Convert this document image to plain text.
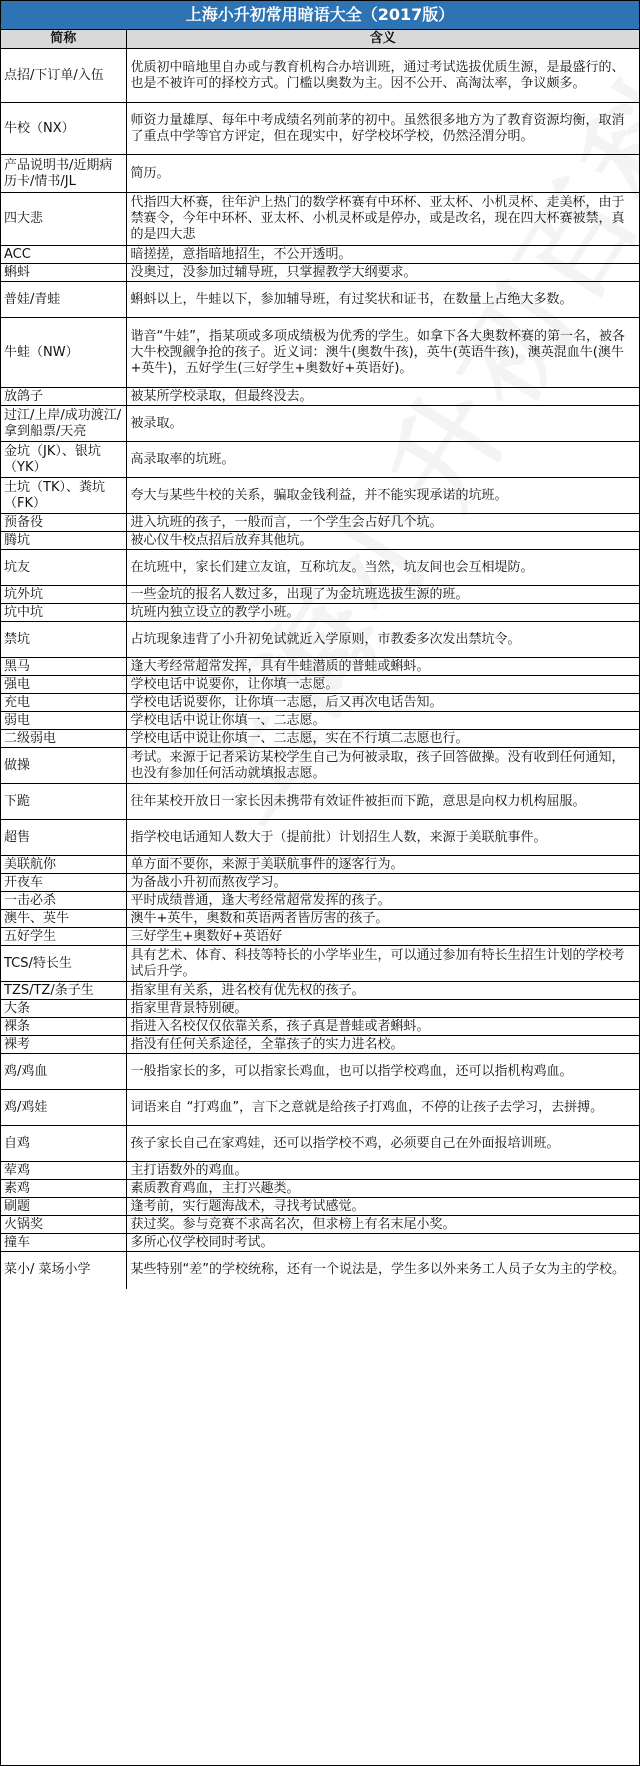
上海小升初常用暗语大全（2017版）
简称	含义
点招/下订单/入伍	优质初中暗地里自办或与教育机构合办培训班，通过考试选拔优质生源，是最盛行的、也是不被许可的择校方式。门槛以奥数为主。因不公开、高淘汰率，争议颇多。
牛校（NX）	师资力量雄厚、每年中考成绩名列前茅的初中。虽然很多地方为了教育资源均衡，取消了重点中学等官方评定，但在现实中，好学校坏学校，仍然泾渭分明。
产品说明书/近期病历卡/情书/JL	简历。
四大悲	代指四大杯赛，往年沪上热门的数学杯赛有中环杯、亚太杯、小机灵杯、走美杯，由于禁赛令，今年中环杯、亚太杯、小机灵杯或是停办，或是改名，现在四大杯赛被禁，真的是四大悲
ACC	暗搓搓，意指暗地招生，不公开透明。
蝌蚪	没奥过，没参加过辅导班，只掌握教学大纲要求。
普娃/青蛙	蝌蚪以上，牛蛙以下，参加辅导班，有过奖状和证书，在数量上占绝大多数。
牛蛙（NW）	谐音“牛娃”，指某项或多项成绩极为优秀的学生。如拿下各大奥数杯赛的第一名，被各大牛校觊觎争抢的孩子。近义词：澳牛(奥数牛孩)，英牛(英语牛孩)，澳英混血牛(澳牛+英牛)，五好学生(三好学生+奥数好+英语好)。
放鸽子	被某所学校录取，但最终没去。
过江/上岸/成功渡江/拿到船票/天亮	被录取。
金坑（JK）、银坑（YK）	高录取率的坑班。
土坑（TK）、粪坑（FK）	夸大与某些牛校的关系，骗取金钱利益，并不能实现承诺的坑班。
预备役	进入坑班的孩子，一般而言，一个学生会占好几个坑。
腾坑	被心仪牛校点招后放弃其他坑。
坑友	在坑班中，家长们建立友谊，互称坑友。当然，坑友间也会互相堤防。
坑外坑	一些金坑的报名人数过多，出现了为金坑班选拔生源的班。
坑中坑	坑班内独立设立的教学小班。
禁坑	占坑现象违背了小升初免试就近入学原则，市教委多次发出禁坑令。
黑马	逢大考经常超常发挥，具有牛蛙潜质的普蛙或蝌蚪。
强电	学校电话中说要你，让你填一志愿。
充电	学校电话说要你，让你填一志愿，后又再次电话告知。
弱电	学校电话中说让你填一、二志愿。
二级弱电	学校电话中说让你填一、二志愿，实在不行填二志愿也行。
做操	考试。来源于记者采访某校学生自己为何被录取，孩子回答做操。没有收到任何通知，也没有参加任何活动就填报志愿。
下跪	往年某校开放日一家长因未携带有效证件被拒而下跪，意思是向权力机构屈服。
超售	指学校电话通知人数大于（提前批）计划招生人数，来源于美联航事件。
美联航你	单方面不要你，来源于美联航事件的逐客行为。
开夜车	为备战小升初而熬夜学习。
一击必杀	平时成绩普通，逢大考经常超常发挥的孩子。
澳牛、英牛	澳牛+英牛，奥数和英语两者皆厉害的孩子。
五好学生	三好学生+奥数好+英语好
TCS/特长生	具有艺术、体育、科技等特长的小学毕业生，可以通过参加有特长生招生计划的学校考试后升学。
TZS/TZ/条子生	指家里有关系，进名校有优先权的孩子。
大条	指家里背景特别硬。
裸条	指进入名校仅仅依靠关系，孩子真是普蛙或者蝌蚪。
裸考	指没有任何关系途径，全靠孩子的实力进名校。
鸡/鸡血	一般指家长的多，可以指家长鸡血，也可以指学校鸡血，还可以指机构鸡血。
鸡/鸡娃	词语来自 “打鸡血”，言下之意就是给孩子打鸡血，不停的让孩子去学习，去拼搏。
自鸡	孩子家长自己在家鸡娃，还可以指学校不鸡，必须要自己在外面报培训班。
荤鸡	主打语数外的鸡血。
素鸡	素质教育鸡血，主打兴趣类。
刷题	逢考前，实行题海战术，寻找考试感觉。
火锅奖	获过奖。参与竞赛不求高名次，但求榜上有名末尾小奖。
撞车	多所心仪学校同时考试。
菜小/ 菜场小学	某些特别“差”的学校统称，还有一个说法是，学生多以外来务工人员子女为主的学校。
